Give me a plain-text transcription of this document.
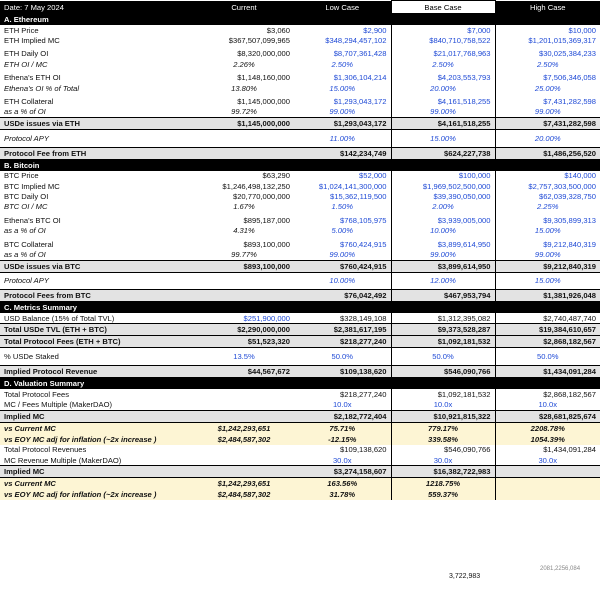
Date: 7 May 2024	Current	Low Case	Base Case	High Case
A. Ethereum				
ETH Price	$3,060	$2,900	$7,000	$10,000
ETH Implied MC	$367,507,099,965	$348,294,457,102	$840,710,758,522	$1,201,015,369,317

ETH Daily OI	$8,320,000,000	$8,707,361,428	$21,017,768,963	$30,025,384,233
ETH OI / MC	2.26%	2.50%	2.50%	2.50%

Ethena's ETH OI	$1,148,160,000	$1,306,104,214	$4,203,553,793	$7,506,346,058
Ethena's OI % of Total	13.80%	15.00%	20.00%	25.00%

ETH Collateral	$1,145,000,000	$1,293,043,172	$4,161,518,255	$7,431,282,598
as a % of OI	99.72%	99.00%	99.00%	99.00%
USDe issues via ETH	$1,145,000,000	$1,293,043,172	$4,161,518,255	$7,431,282,598

Protocol APY		11.00%	15.00%	20.00%

Protocol Fee from ETH		$142,234,749	$624,227,738	$1,486,256,520
B. Bitcoin				
BTC Price	$63,290	$52,000	$100,000	$140,000
BTC Implied MC	$1,246,498,132,250	$1,024,141,300,000	$1,969,502,500,000	$2,757,303,500,000
BTC Daily OI	$20,770,000,000	$15,362,119,500	$39,390,050,000	$62,039,328,750
BTC OI / MC	1.67%	1.50%	2.00%	2.25%

Ethena's BTC OI	$895,187,000	$768,105,975	$3,939,005,000	$9,305,899,313
as a % of OI	4.31%	5.00%	10.00%	15.00%

BTC Collateral	$893,100,000	$760,424,915	$3,899,614,950	$9,212,840,319
as a % of OI	99.77%	99.00%	99.00%	99.00%
USDe issues via BTC	$893,100,000	$760,424,915	$3,899,614,950	$9,212,840,319

Protocol APY		10.00%	12.00%	15.00%

Protocol Fees from BTC		$76,042,492	$467,953,794	$1,381,926,048
C. Metrics Summary				
USD Balance (15% of Total TVL)	$251,900,000	$328,149,108	$1,312,395,082	$2,740,487,740
Total USDe TVL (ETH + BTC)	$2,290,000,000	$2,381,617,195	$9,373,528,287	$19,384,610,657
Total Protocol Fees (ETH + BTC)	$51,523,320	$218,277,240	$1,092,181,532	$2,868,182,567

% USDe Staked	13.5%	50.0%	50.0%	50.0%

Implied Protocol Revenue	$44,567,672	$109,138,620	$546,090,766	$1,434,091,284
D. Valuation Summary				
Total Protocol Fees		$218,277,240	$1,092,181,532	$2,868,182,567
MC / Fees Multiple (MakerDAO)		10.0x	10.0x	10.0x
Implied MC		$2,182,772,404	$10,921,815,322	$28,681,825,674
vs Current MC	$1,242,293,651	75.71%	779.17%	2208.78%
vs EOY MC adj for inflation (~2x increase )	$2,484,587,302	-12.15%	339.58%	1054.39%
Total Protocol Revenues		$109,138,620	$546,090,766	$1,434,091,284
MC Revenue Multiple (MakerDAO)		30.0x	30.0x	30.0x
Implied MC		$3,274,158,607	$16,382,722,983	
vs Current MC	$1,242,293,651	163.56%	1218.75%	
vs EOY MC adj for inflation (~2x increase )	$2,484,587,302	31.78%	559.37%	
3,722,983
2081,2256,084
